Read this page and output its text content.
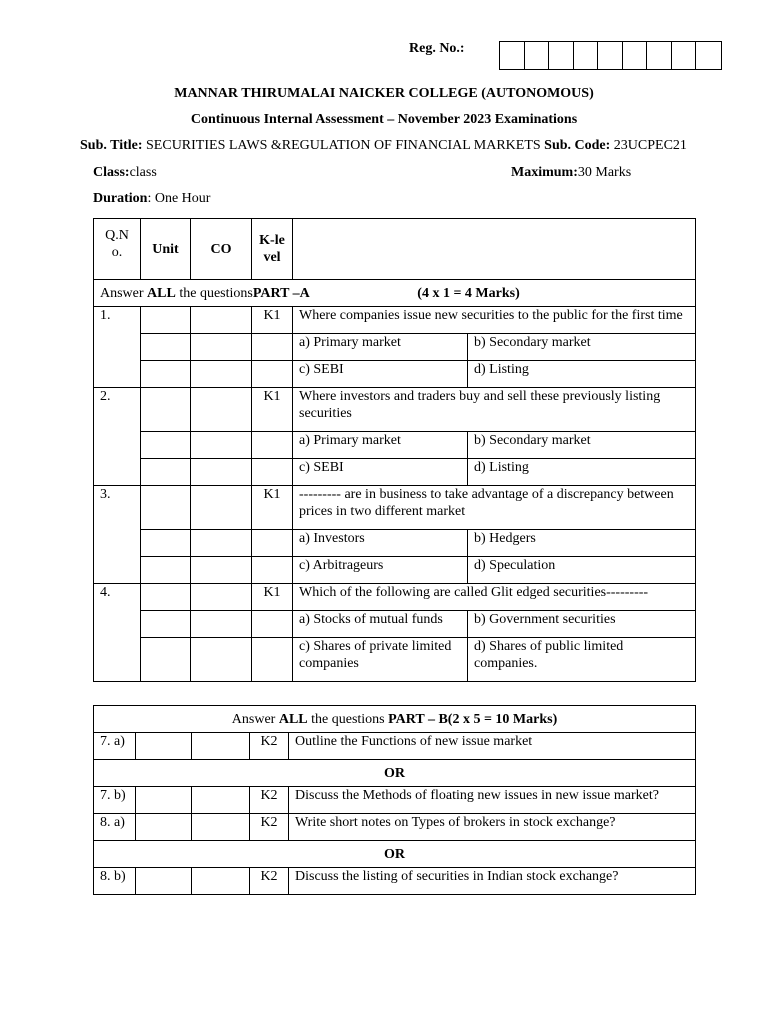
Reg. No.:
MANNAR THIRUMALAI NAICKER COLLEGE (AUTONOMOUS)
Continuous Internal Assessment – November 2023 Examinations
Sub. Title: SECURITIES LAWS &REGULATION OF FINANCIAL MARKETS Sub. Code: 23UCPEC21
Class:class	Maximum:30 Marks
Duration: One Hour
Q.No.	Unit	CO	K-level		
Answer ALL the questionsPART –A (4 x 1 = 4 Marks)					
1.			K1	Where companies issue new securities to the public for the first time	
				a) Primary market	b) Secondary market
				c) SEBI	d) Listing
2.			K1	Where investors and traders buy and sell these previously listing securities	
				a) Primary market	b) Secondary market
				c) SEBI	d) Listing
3.			K1	--------- are in business to take advantage of a discrepancy between prices in two different market	
				a) Investors	b) Hedgers
				c) Arbitrageurs	d) Speculation
4.			K1	Which of the following are called Glit edged securities---------	
				a) Stocks of mutual funds	b) Government securities
				c) Shares of private limited companies	d) Shares of public limited companies.
Answer ALL the questions PART – B(2 x 5 = 10 Marks)				
7. a)			K2	Outline the Functions of new issue market
OR				
7. b)			K2	Discuss the Methods of floating new issues in new issue market?
8. a)			K2	Write short notes on Types of brokers in stock exchange?
OR				
8. b)			K2	Discuss the listing of securities in Indian stock exchange?
